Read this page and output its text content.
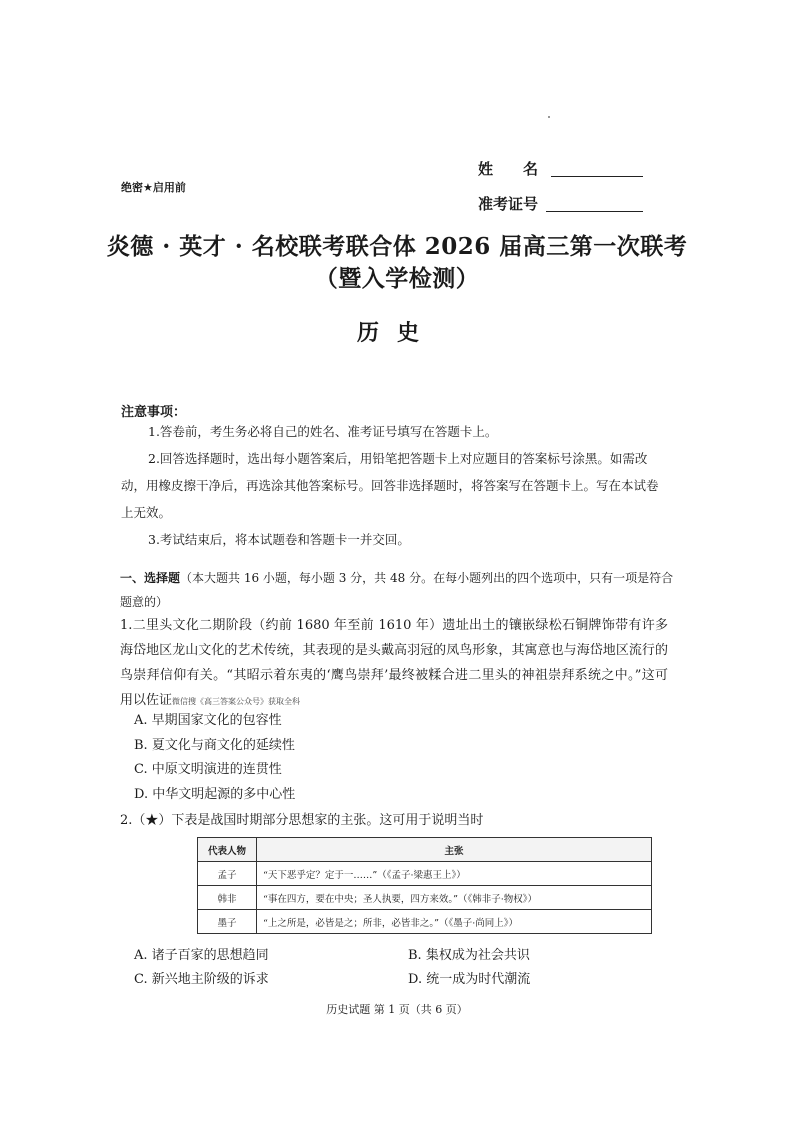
绝密★启用前
姓　　名
准考证号
炎德 · 英才 · 名校联考联合体 2026 届高三第一次联考
（暨入学检测）
历史
注意事项：

1.答卷前，考生务必将自己的姓名、准考证号填写在答题卡上。

2.回答选择题时，选出每小题答案后，用铅笔把答题卡上对应题目的答案标号涂黑。如需改动，用橡皮擦干净后，再选涂其他答案标号。回答非选择题时，将答案写在答题卡上。写在本试卷上无效。

3.考试结束后，将本试题卷和答题卡一并交回。

一、选择题（本大题共 16 小题，每小题 3 分，共 48 分。在每小题列出的四个选项中，只有一项是符合题意的）
1.二里头文化二期阶段（约前 1680 年至前 1610 年）遗址出土的镶嵌绿松石铜牌饰带有许多海岱地区龙山文化的艺术传统，其表现的是头戴高羽冠的凤鸟形象，其寓意也与海岱地区流行的鸟崇拜信仰有关。“其昭示着东夷的‘鹰鸟崇拜’最终被糅合进二里头的神祖崇拜系统之中。”这可用以佐证微信搜《高三答案公众号》获取全科
A. 早期国家文化的包容性
B. 夏文化与商文化的延续性
C. 中原文明演进的连贯性
D. 中华文明起源的多中心性
2.（★）下表是战国时期部分思想家的主张。这可用于说明当时
代表人物	主张
孟子	“天下恶乎定？定于一……”（《孟子·梁惠王上》）
韩非	“事在四方，要在中央；圣人执要，四方来效。”（《韩非子·物权》）
墨子	“上之所是，必皆是之；所非，必皆非之。”（《墨子·尚同上》）
A. 诸子百家的思想趋同	B. 集权成为社会共识
C. 新兴地主阶级的诉求	D. 统一成为时代潮流
历史试题 第 1 页（共 6 页）
